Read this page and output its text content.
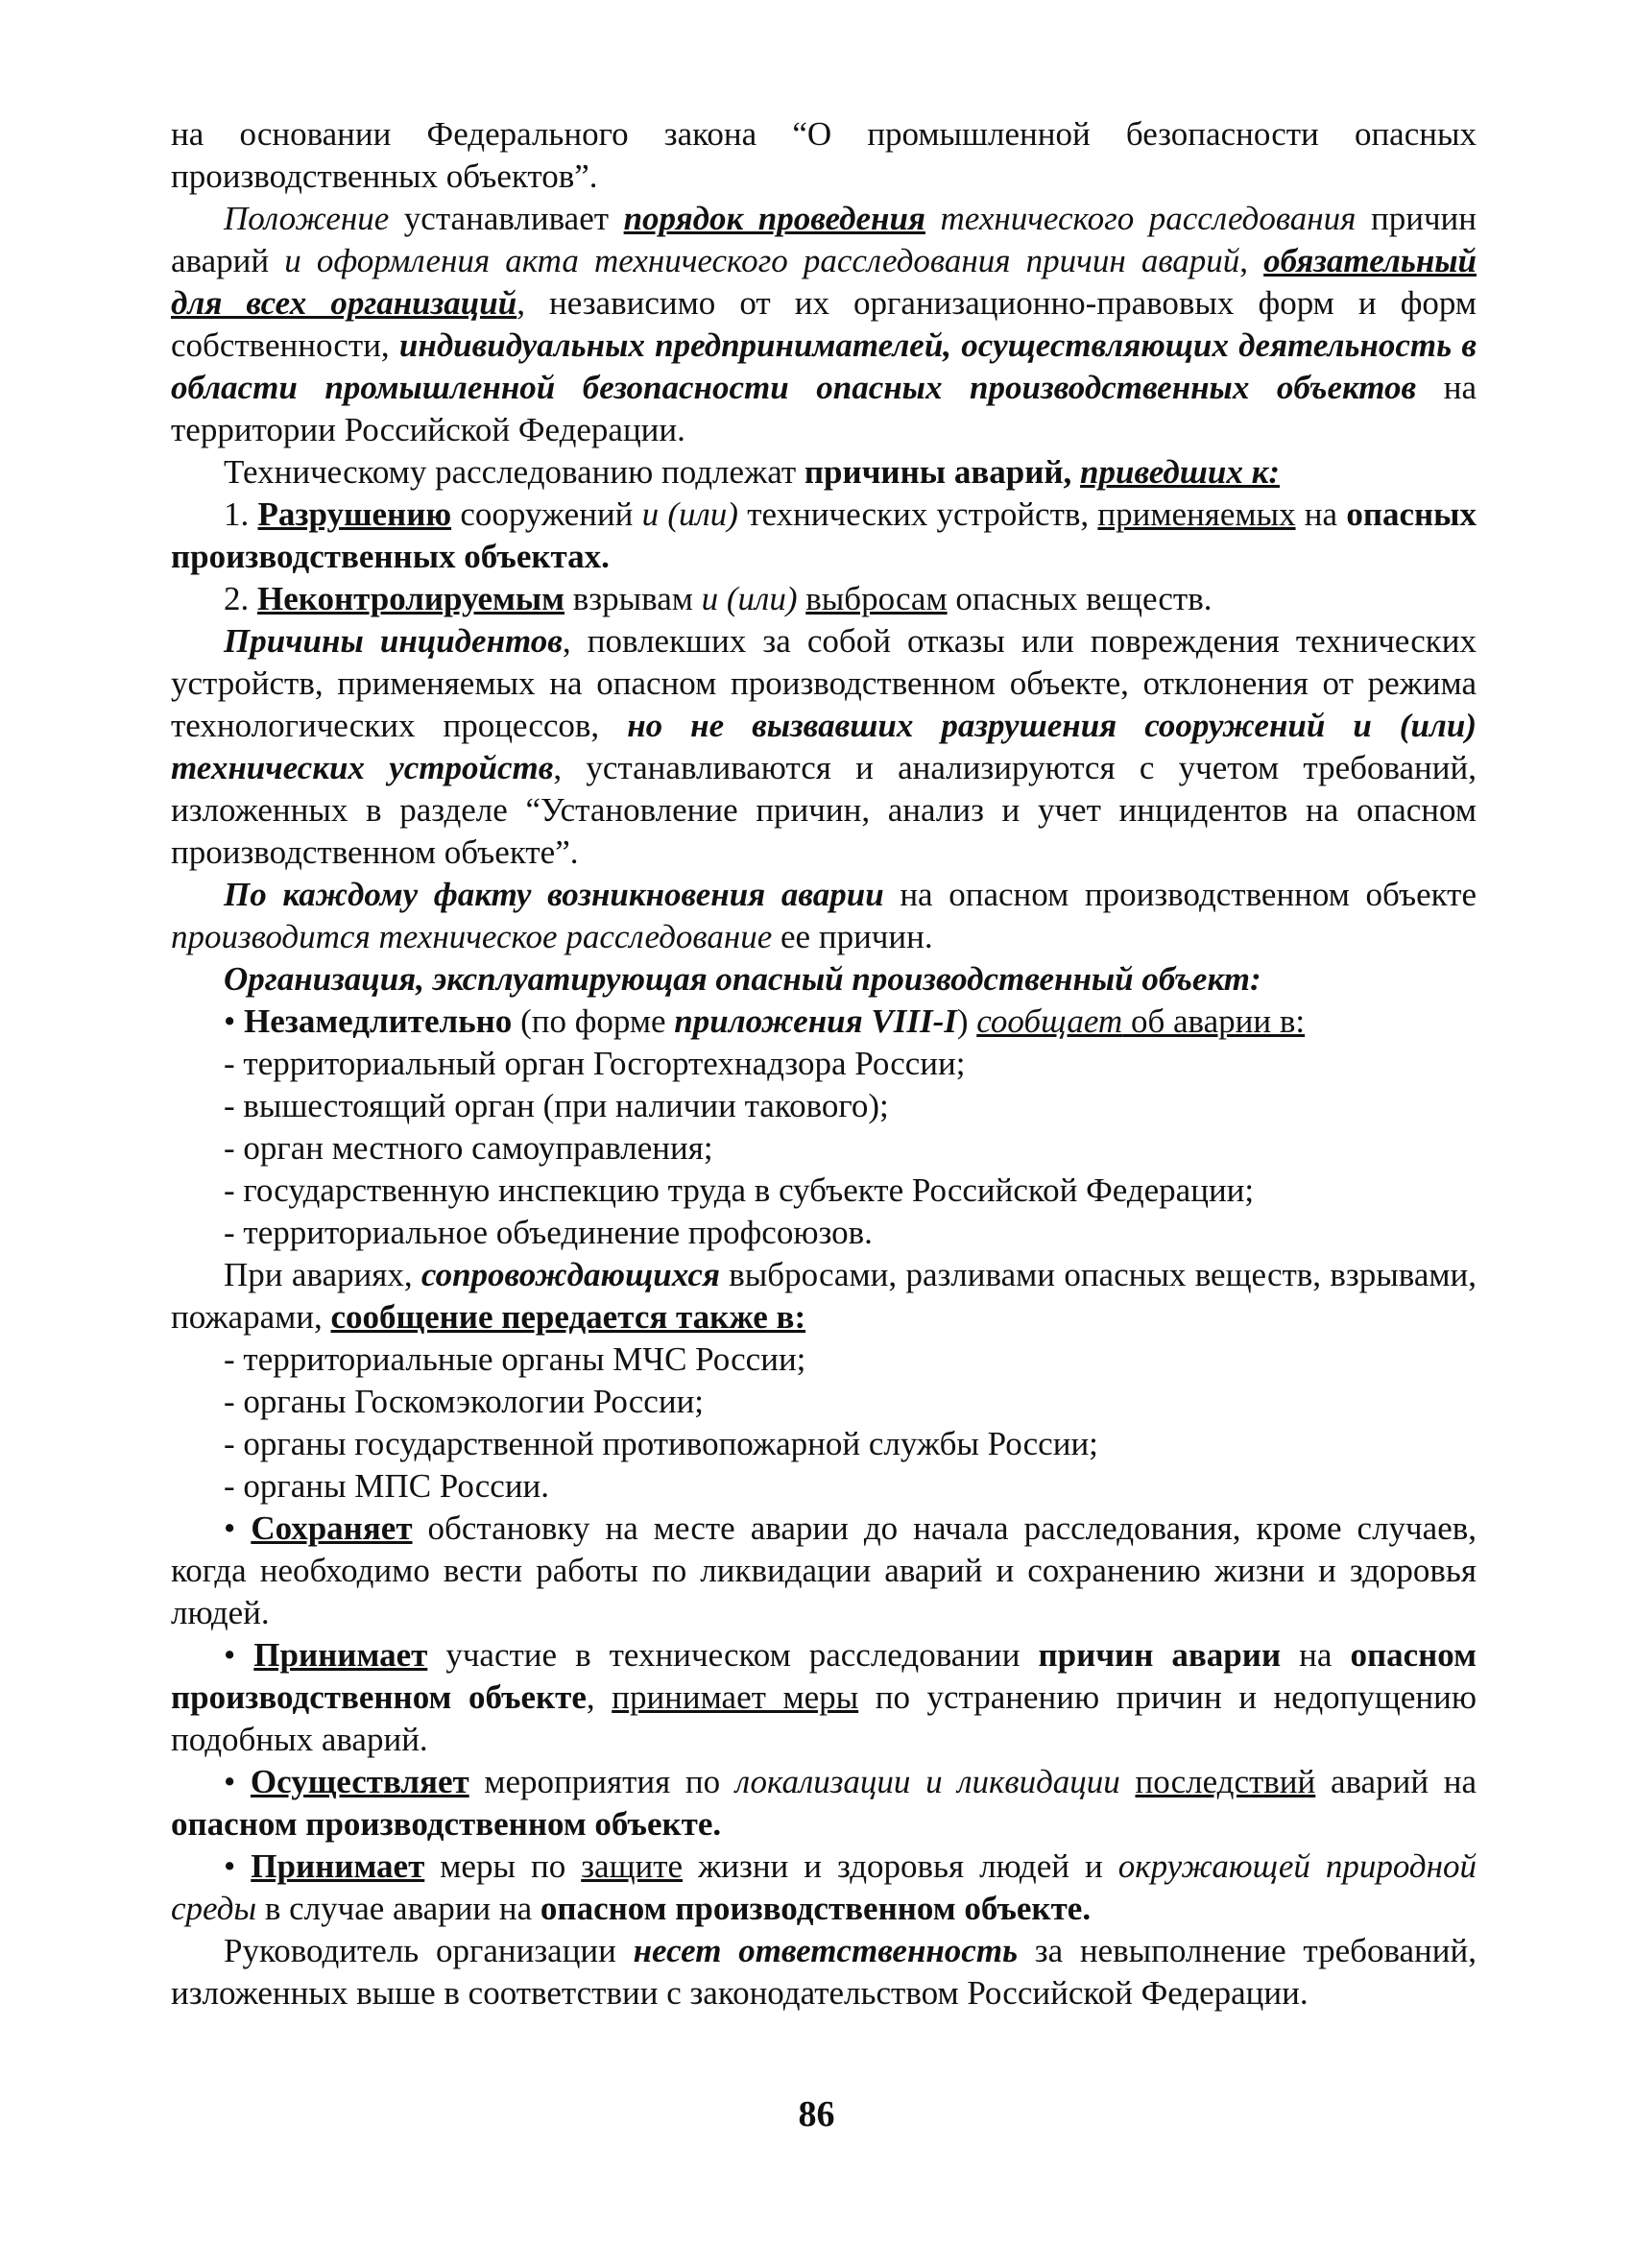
на основании Федерального закона “О промышленной безопасности опасных производственных объектов”.

Положение устанавливает порядок проведения технического расследования причин аварий и оформления акта технического расследования причин аварий, обязательный для всех организаций, независимо от их организационно-правовых форм и форм собственности, индивидуальных предпринимателей, осуществляющих деятельность в области промышленной безопасности опасных производственных объектов на территории Российской Федерации.

Техническому расследованию подлежат причины аварий, приведших к:

1. Разрушению сооружений и (или) технических устройств, применяемых на опасных производственных объектах.

2. Неконтролируемым взрывам и (или) выбросам опасных веществ.

Причины инцидентов, повлекших за собой отказы или повреждения технических устройств, применяемых на опасном производственном объекте, отклонения от режима технологических процессов, но не вызвавших разрушения сооружений и (или) технических устройств, устанавливаются и анализируются с учетом требований, изложенных в разделе “Установление причин, анализ и учет инцидентов на опасном производственном объекте”.

По каждому факту возникновения аварии на опасном производственном объекте производится техническое расследование ее причин.

Организация, эксплуатирующая опасный производственный объект:

• Незамедлительно (по форме приложения VIII-I) сообщает об аварии в:

- территориальный орган Госгортехнадзора России;

- вышестоящий орган (при наличии такового);

- орган местного самоуправления;

- государственную инспекцию труда в субъекте Российской Федерации;

- территориальное объединение профсоюзов.

При авариях, сопровождающихся выбросами, разливами опасных веществ, взрывами, пожарами, сообщение передается также в:

- территориальные органы МЧС России;

- органы Госкомэкологии России;

- органы государственной противопожарной службы России;

- органы МПС России.

• Сохраняет обстановку на месте аварии до начала расследования, кроме случаев, когда необходимо вести работы по ликвидации аварий и сохранению жизни и здоровья людей.

• Принимает участие в техническом расследовании причин аварии на опасном производственном объекте, принимает меры по устранению причин и недопущению подобных аварий.

• Осуществляет мероприятия по локализации и ликвидации последствий аварий на опасном производственном объекте.

• Принимает меры по защите жизни и здоровья людей и окружающей природной среды в случае аварии на опасном производственном объекте.

Руководитель организации несет ответственность за невыполнение требований, изложенных выше в соответствии с законодательством Российской Федерации.

86
